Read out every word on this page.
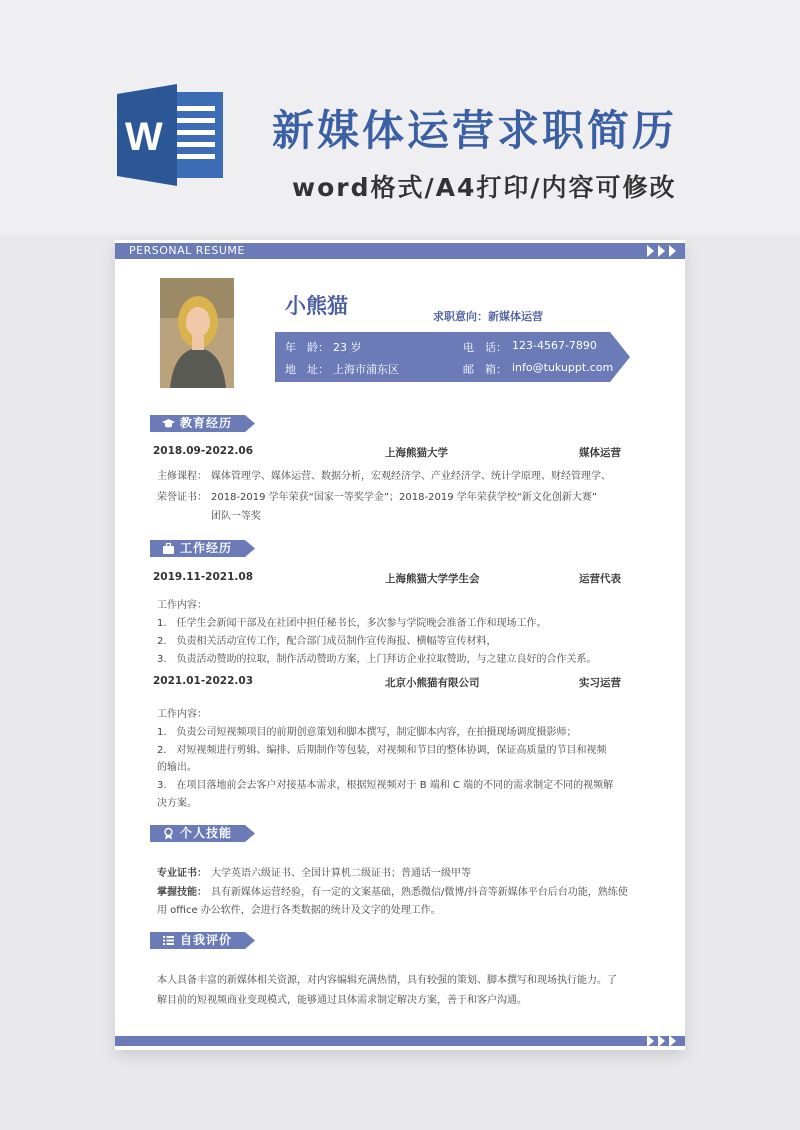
W	新媒体运营求职简历
word格式/A4打印/内容可修改
PERSONAL RESUME
小熊猫	求职意向：新媒体运营
年　龄： 23 岁	电　话： 123-4567-7890
地　址： 上海市浦东区	邮　箱： info@tukuppt.com
教育经历
2018.09-2022.06	上海熊猫大学	媒体运营
主修课程： 媒体管理学、媒体运营、数据分析，宏观经济学、产业经济学、统计学原理、财经管理学、
荣誉证书： 2018-2019 学年荣获“国家一等奖学金”；2018-2019 学年荣获学校“新文化创新大赛”
团队一等奖
工作经历
2019.11-2021.08	上海熊猫大学学生会	运营代表
工作内容：
1.　任学生会新闻干部及在社团中担任秘书长，多次参与学院晚会准备工作和现场工作。
2.　负责相关活动宣传工作，配合部门成员制作宣传海报、横幅等宣传材料，
3.　负责活动赞助的拉取，制作活动赞助方案，上门拜访企业拉取赞助，与之建立良好的合作关系。
2021.01-2022.03	北京小熊猫有限公司	实习运营
工作内容：
1.　负责公司短视频项目的前期创意策划和脚本撰写，制定脚本内容，在拍摄现场调度摄影师；
2.　对短视频进行剪辑、编排、后期制作等包装，对视频和节目的整体协调，保证高质量的节目和视频
的输出。
3.　在项目落地前会去客户对接基本需求，根据短视频对于 B 端和 C 端的不同的需求制定不同的视频解
决方案。
个人技能
专业证书： 大学英语六级证书、全国计算机二级证书；普通话一级甲等
掌握技能： 具有新媒体运营经验，有一定的文案基础，熟悉微信/微博/抖音等新媒体平台后台功能，熟练使
用 office 办公软件，会进行各类数据的统计及文字的处理工作。
自我评价
本人具备丰富的新媒体相关资源，对内容编辑充满热情，具有较强的策划、脚本撰写和现场执行能力。了
解目前的短视频商业变现模式，能够通过具体需求制定解决方案，善于和客户沟通。
